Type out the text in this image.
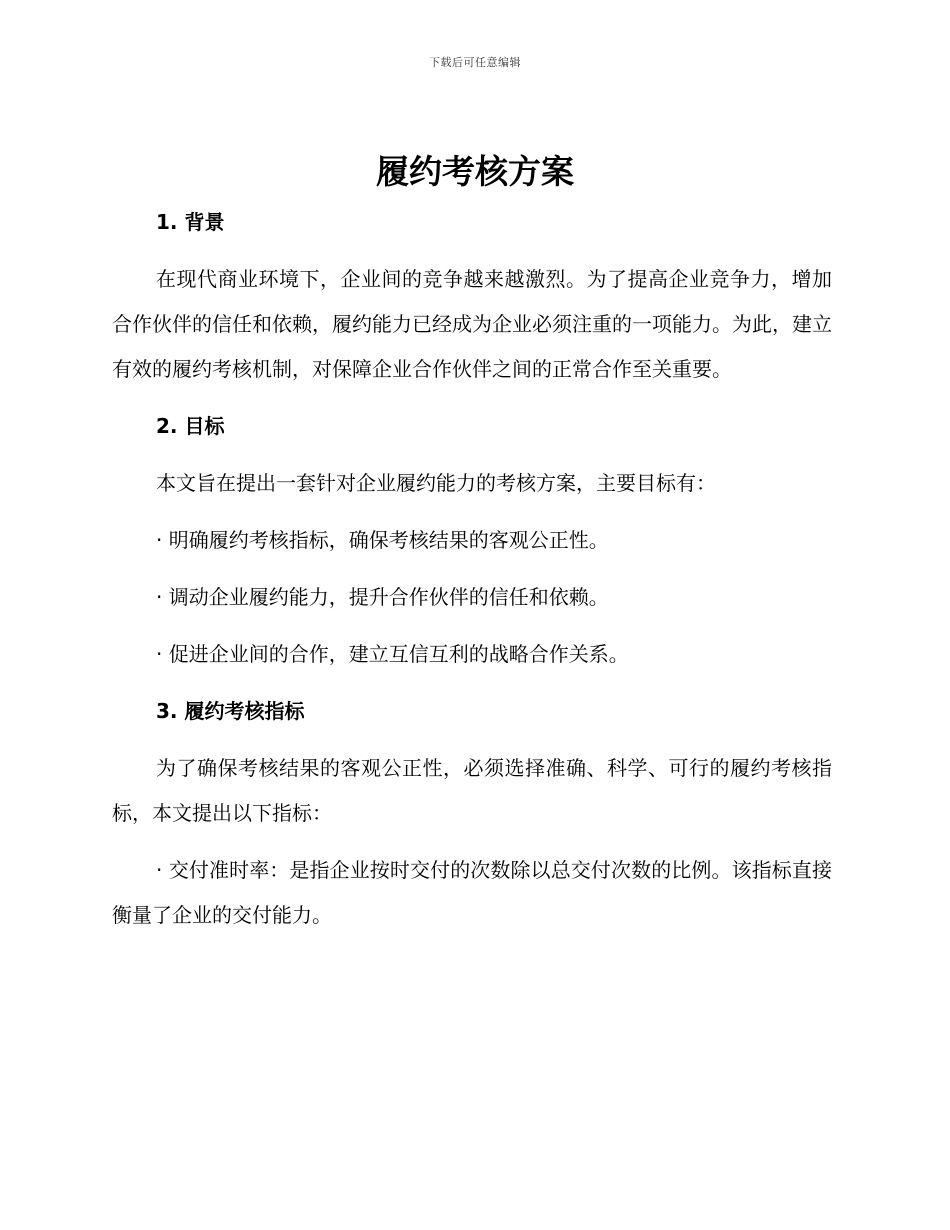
下载后可任意编辑
履约考核方案
1. 背景

在现代商业环境下，企业间的竞争越来越激烈。为了提高企业竞争力，增加合作伙伴的信任和依赖，履约能力已经成为企业必须注重的一项能力。为此，建立有效的履约考核机制，对保障企业合作伙伴之间的正常合作至关重要。

2. 目标

本文旨在提出一套针对企业履约能力的考核方案，主要目标有：

· 明确履约考核指标，确保考核结果的客观公正性。

· 调动企业履约能力，提升合作伙伴的信任和依赖。

· 促进企业间的合作，建立互信互利的战略合作关系。

3. 履约考核指标

为了确保考核结果的客观公正性，必须选择准确、科学、可行的履约考核指标，本文提出以下指标：

· 交付准时率：是指企业按时交付的次数除以总交付次数的比例。该指标直接衡量了企业的交付能力。
